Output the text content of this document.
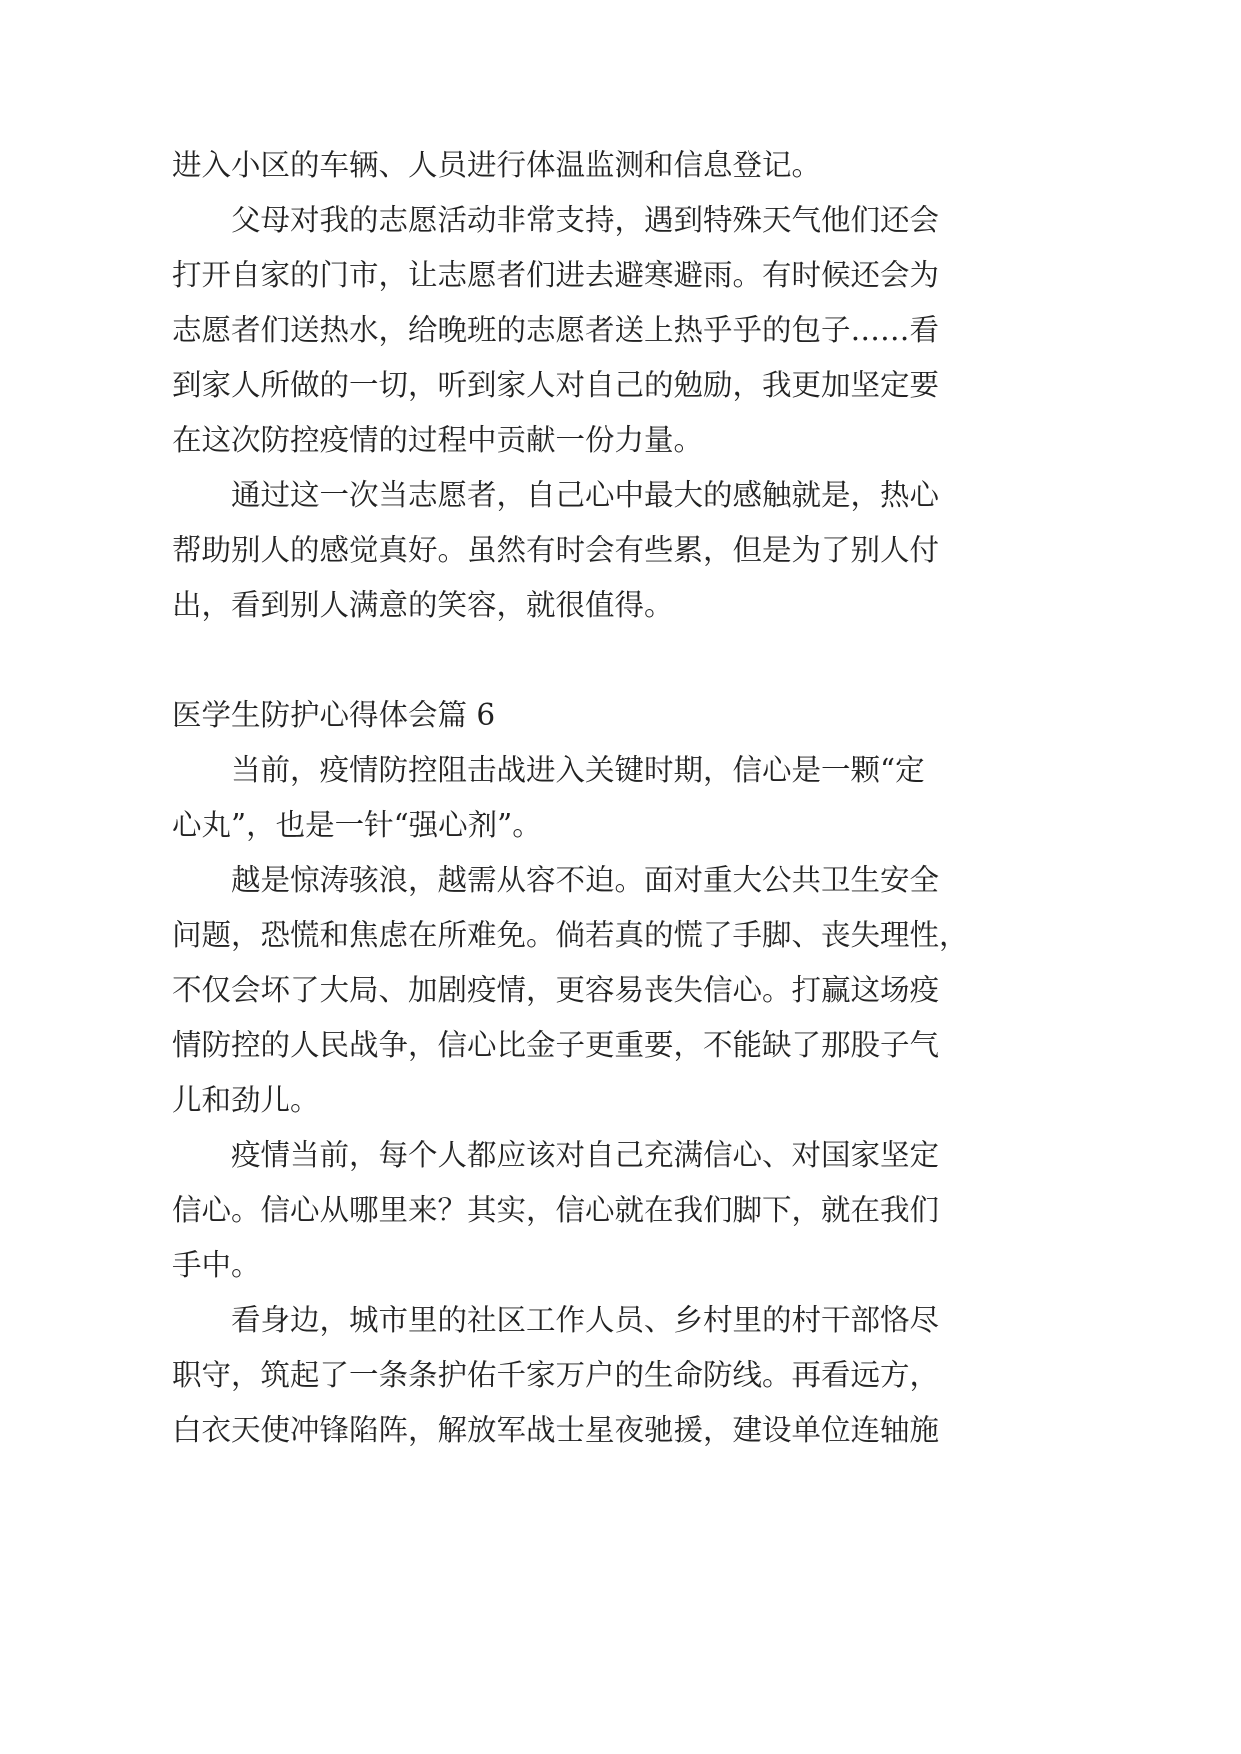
进入小区的车辆、人员进行体温监测和信息登记。
父母对我的志愿活动非常支持，遇到特殊天气他们还会
打开自家的门市，让志愿者们进去避寒避雨。有时候还会为
志愿者们送热水，给晚班的志愿者送上热乎乎的包子……看
到家人所做的一切，听到家人对自己的勉励，我更加坚定要
在这次防控疫情的过程中贡献一份力量。
通过这一次当志愿者，自己心中最大的感触就是，热心
帮助别人的感觉真好。虽然有时会有些累，但是为了别人付
出，看到别人满意的笑容，就很值得。
医学生防护心得体会篇 6
当前，疫情防控阻击战进入关键时期，信心是一颗“定
心丸”，也是一针“强心剂”。
越是惊涛骇浪，越需从容不迫。面对重大公共卫生安全
问题，恐慌和焦虑在所难免。倘若真的慌了手脚、丧失理性，
不仅会坏了大局、加剧疫情，更容易丧失信心。打赢这场疫
情防控的人民战争，信心比金子更重要，不能缺了那股子气
儿和劲儿。
疫情当前，每个人都应该对自己充满信心、对国家坚定
信心。信心从哪里来？其实，信心就在我们脚下，就在我们
手中。
看身边，城市里的社区工作人员、乡村里的村干部恪尽
职守，筑起了一条条护佑千家万户的生命防线。再看远方，
白衣天使冲锋陷阵，解放军战士星夜驰援，建设单位连轴施
